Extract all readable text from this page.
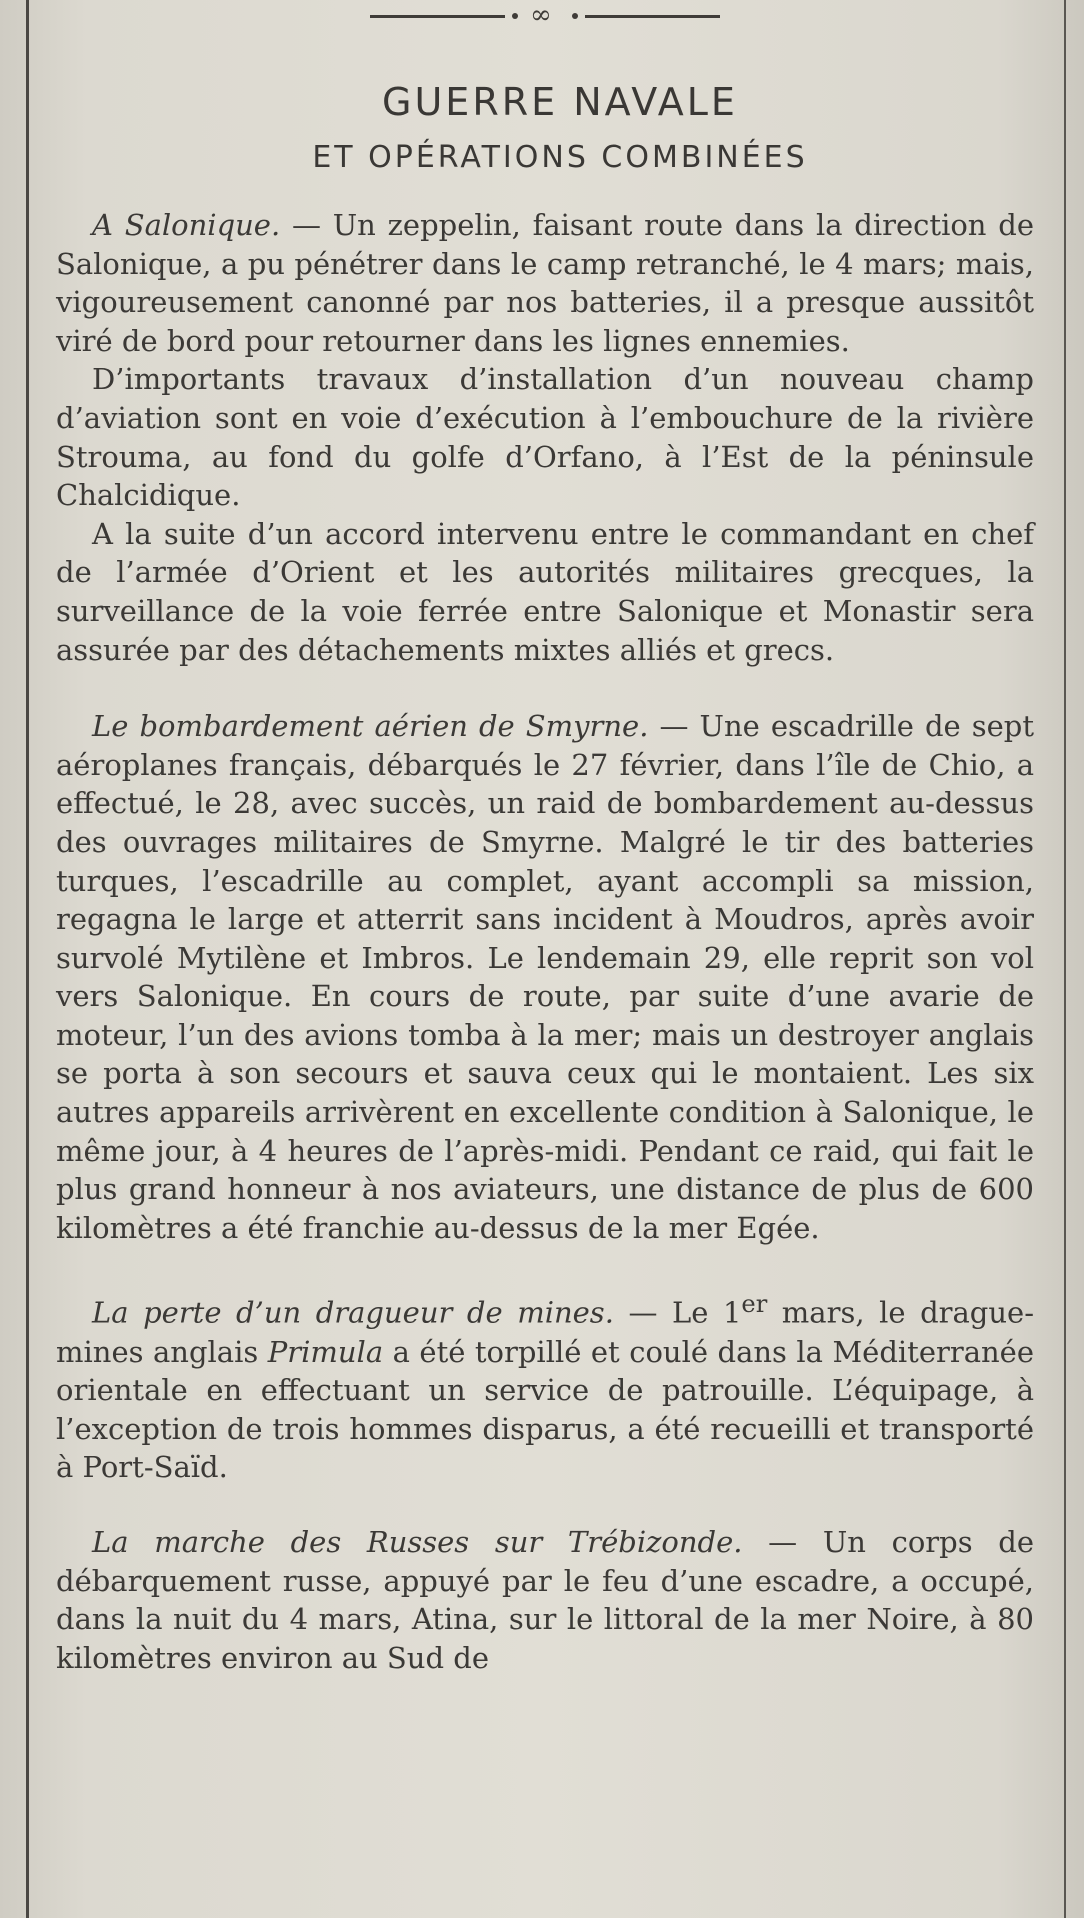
∞
GUERRE NAVALE
ET OPÉRATIONS COMBINÉES

A Salonique. — Un zeppelin, faisant route dans la direction de Salonique, a pu pénétrer dans le camp retranché, le 4 mars; mais, vigoureusement canonné par nos batteries, il a presque aussitôt viré de bord pour retourner dans les lignes ennemies.

D’importants travaux d’installation d’un nouveau champ d’aviation sont en voie d’exécution à l’embouchure de la rivière Strouma, au fond du golfe d’Orfano, à l’Est de la péninsule Chalcidique.

A la suite d’un accord intervenu entre le commandant en chef de l’armée d’Orient et les autorités militaires grecques, la surveillance de la voie ferrée entre Salonique et Monastir sera assurée par des détachements mixtes alliés et grecs.

Le bombardement aérien de Smyrne. — Une escadrille de sept aéroplanes français, débarqués le 27 février, dans l’île de Chio, a effectué, le 28, avec succès, un raid de bombardement au-dessus des ouvrages militaires de Smyrne. Malgré le tir des batteries turques, l’escadrille au complet, ayant accompli sa mission, regagna le large et atterrit sans incident à Moudros, après avoir survolé Mytilène et Imbros. Le lendemain 29, elle reprit son vol vers Salonique. En cours de route, par suite d’une avarie de moteur, l’un des avions tomba à la mer; mais un destroyer anglais se porta à son secours et sauva ceux qui le montaient. Les six autres appareils arrivèrent en excellente condition à Salonique, le même jour, à 4 heures de l’après-midi. Pendant ce raid, qui fait le plus grand honneur à nos aviateurs, une distance de plus de 600 kilomètres a été franchie au-dessus de la mer Egée.

La perte d’un dragueur de mines. — Le 1er mars, le drague-mines anglais Primula a été torpillé et coulé dans la Méditerranée orientale en effectuant un service de patrouille. L’équipage, à l’exception de trois hommes disparus, a été recueilli et transporté à Port-Saïd.

La marche des Russes sur Trébizonde. — Un corps de débarquement russe, appuyé par le feu d’une escadre, a occupé, dans la nuit du 4 mars, Atina, sur le littoral de la mer Noire, à 80 kilomètres environ au Sud de
